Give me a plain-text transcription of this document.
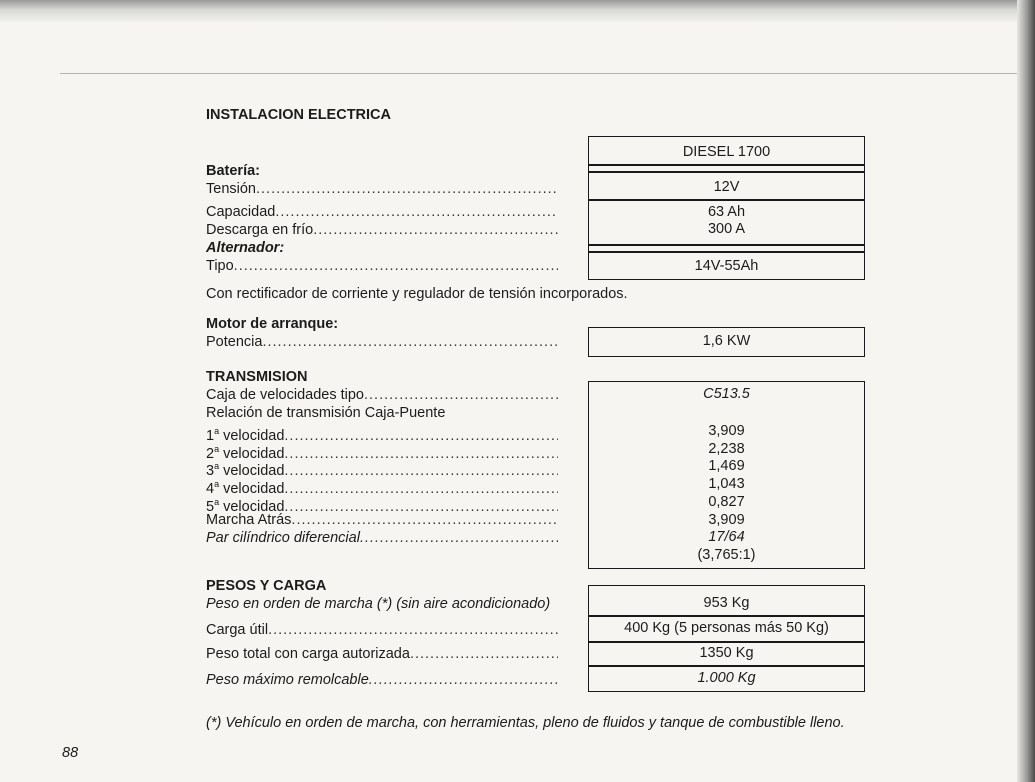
INSTALACION ELECTRICA
DIESEL 1700
Batería:
Tensión .....	12V
Capacidad .....	63 Ah
Descarga en frío .....	300 A
Alternador:
Tipo .....	14V-55Ah
Con rectificador de corriente y regulador de tensión incorporados.
Motor de arranque:
Potencia .....	1,6 KW
TRANSMISION
Caja de velocidades tipo .....	C513.5
Relación de transmisión Caja-Puente
1$^a$ velocidad .....	3,909
2$^a$ velocidad .....	2,238
3$^a$ velocidad .....	1,469
4$^a$ velocidad .....	1,043
5$^a$ velocidad .....	0,827
Marcha Atrás .....	3,909
Par cilíndrico diferencial .....	17/64
(3,765:1)
PESOS Y CARGA
Peso en orden de marcha (*) (sin aire acondicionado)	953 Kg
Carga útil .....	400 Kg (5 personas más 50 Kg)
Peso total con carga autorizada .....	1350 Kg
Peso máximo remolcable .....	1.000 Kg
(*) Vehículo en orden de marcha, con herramientas, pleno de fluidos y tanque de combustible lleno.
88
